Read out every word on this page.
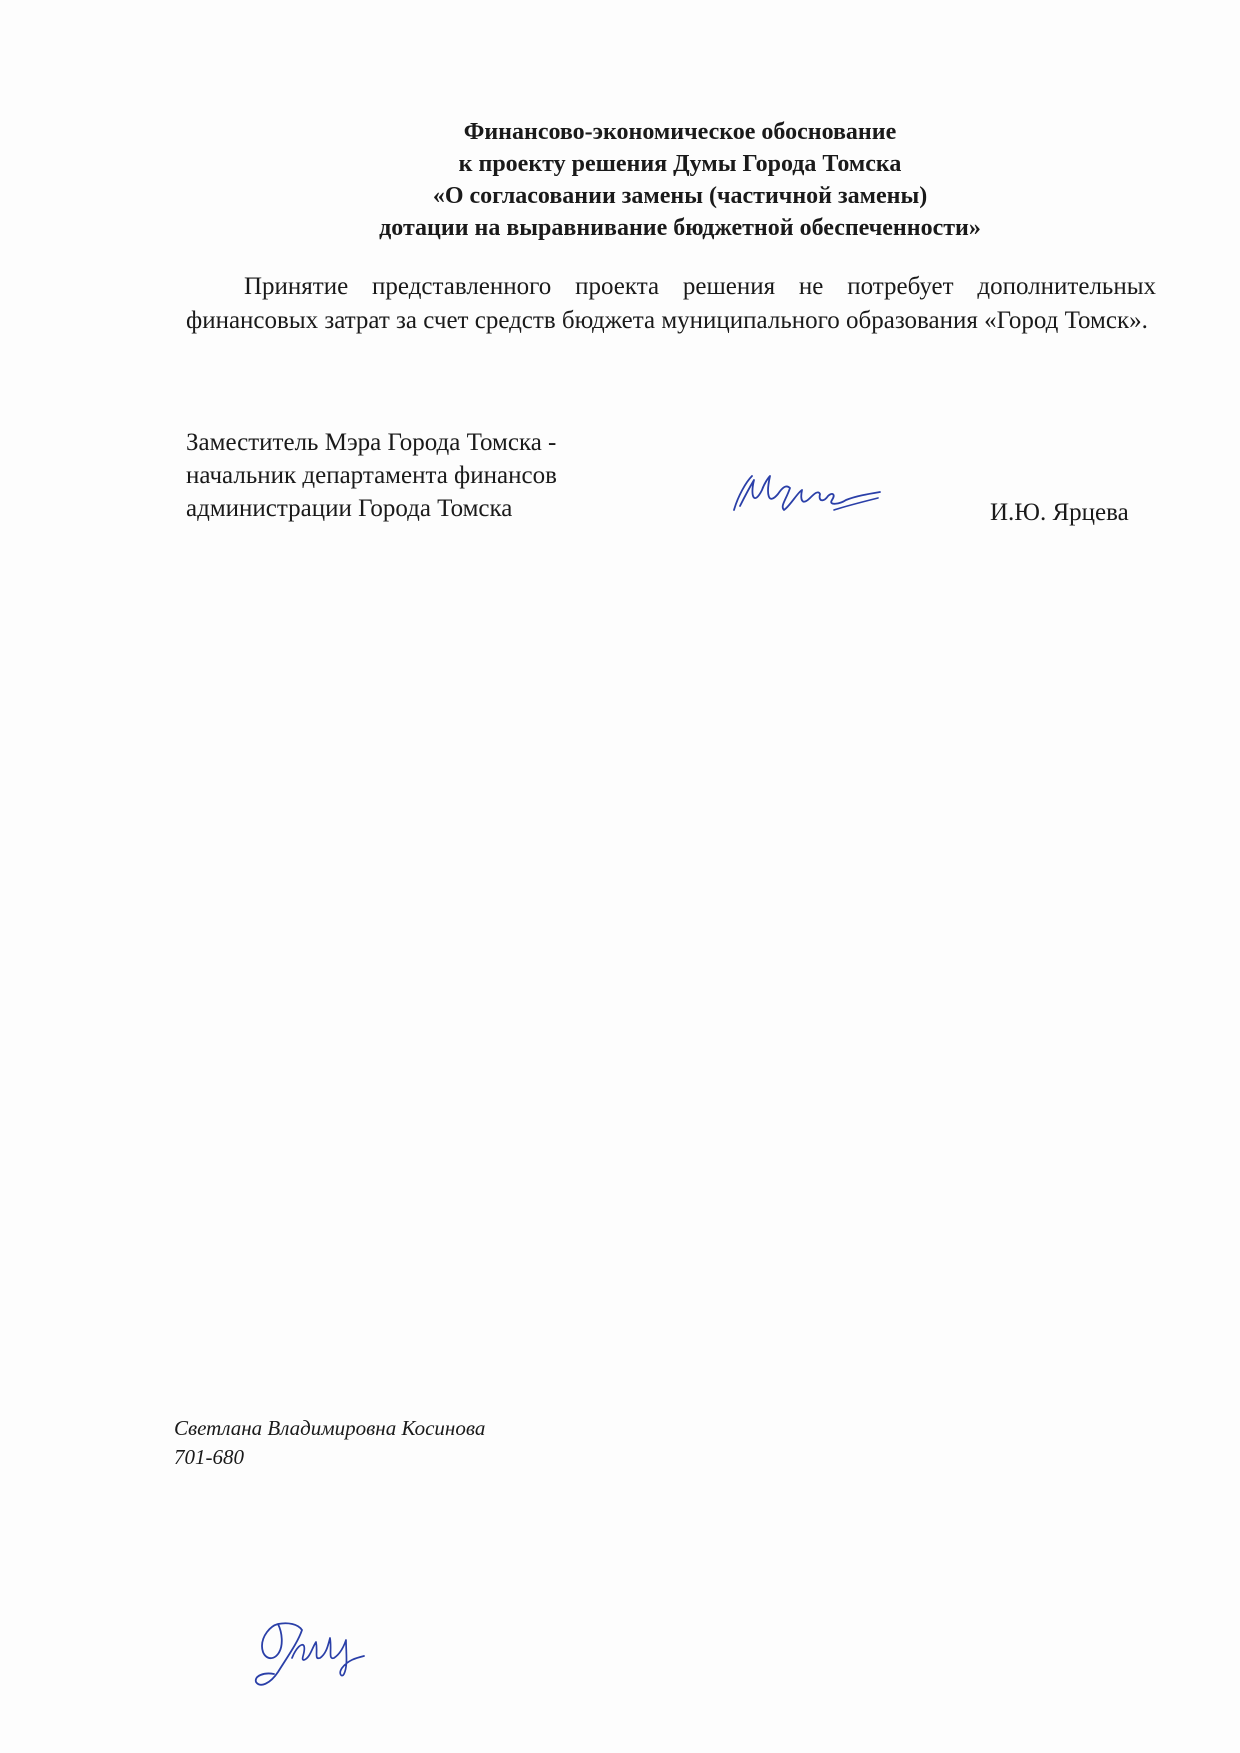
Финансово-экономическое обоснование
к проекту решения Думы Города Томска
«О согласовании замены (частичной замены)
дотации на выравнивание бюджетной обеспеченности»

Принятие представленного проекта решения не потребует дополнительных финансовых затрат за счет средств бюджета муниципального образования «Город Томск».

Заместитель Мэра Города Томска -
начальник департамента финансов
администрации Города Томска	И.Ю. Ярцева
Светлана Владимировна Косинова
701-680
